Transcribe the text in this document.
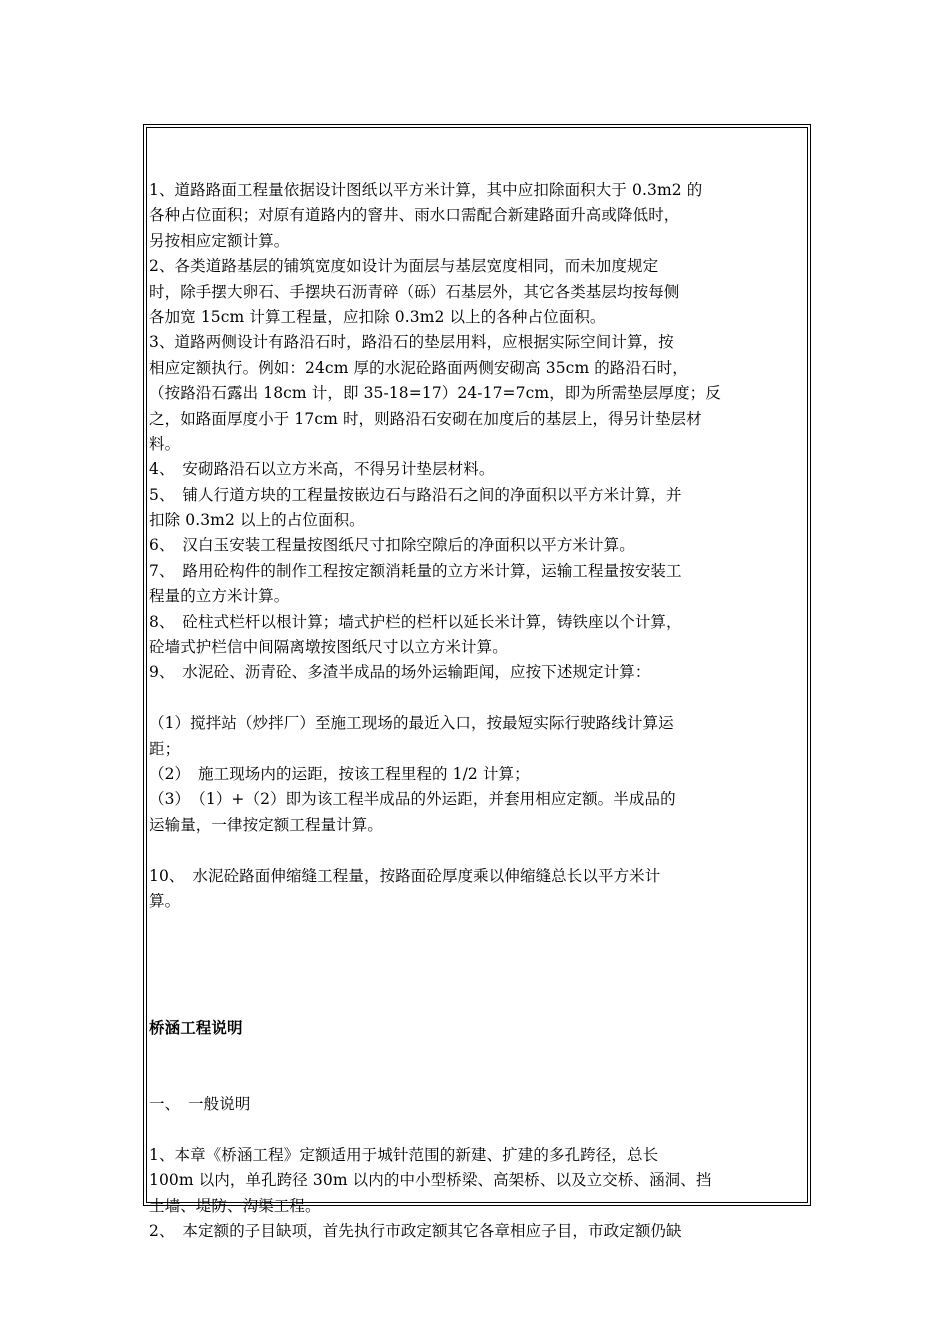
1、道路路面工程量依据设计图纸以平方米计算，其中应扣除面积大于 0.3m2 的
各种占位面积；对原有道路内的窨井、雨水口需配合新建路面升高或降低时，
另按相应定额计算。
2、各类道路基层的铺筑宽度如设计为面层与基层宽度相同，而未加度规定
时，除手摆大卵石、手摆块石沥青碎（砾）石基层外，其它各类基层均按每侧
各加宽 15cm 计算工程量，应扣除 0.3m2 以上的各种占位面积。
3、道路两侧设计有路沿石时，路沿石的垫层用料，应根据实际空间计算，按
相应定额执行。例如：24cm 厚的水泥砼路面两侧安砌高 35cm 的路沿石时，
（按路沿石露出 18cm 计，即 35-18=17）24-17=7cm，即为所需垫层厚度；反
之，如路面厚度小于 17cm 时，则路沿石安砌在加度后的基层上，得另计垫层材
料。
4、　安砌路沿石以立方米高，不得另计垫层材料。
5、　铺人行道方块的工程量按嵌边石与路沿石之间的净面积以平方米计算，并
扣除 0.3m2 以上的占位面积。
6、　汉白玉安装工程量按图纸尺寸扣除空隙后的净面积以平方米计算。
7、　路用砼构件的制作工程按定额消耗量的立方米计算，运输工程量按安装工
程量的立方米计算。
8、　砼柱式栏杆以根计算；墙式护栏的栏杆以延长米计算，铸铁座以个计算，
砼墙式护栏信中间隔离墩按图纸尺寸以立方米计算。
9、　水泥砼、沥青砼、多渣半成品的场外运输距闻，应按下述规定计算：
（1）搅拌站（炒拌厂）至施工现场的最近入口，按最短实际行驶路线计算运
距；
（2）　施工现场内的运距，按该工程里程的 1/2 计算；
（3）　（1）+（2）即为该工程半成品的外运距，并套用相应定额。半成品的
运输量，一律按定额工程量计算。
10、　水泥砼路面伸缩缝工程量，按路面砼厚度乘以伸缩缝总长以平方米计
算。
桥涵工程说明
一、　一般说明
1、本章《桥涵工程》定额适用于城针范围的新建、扩建的多孔跨径，总长
100m 以内，单孔跨径 30m 以内的中小型桥梁、高架桥、以及立交桥、涵洞、挡
土墙、堤防、沟渠工程。
2、　本定额的子目缺项，首先执行市政定额其它各章相应子目，市政定额仍缺
